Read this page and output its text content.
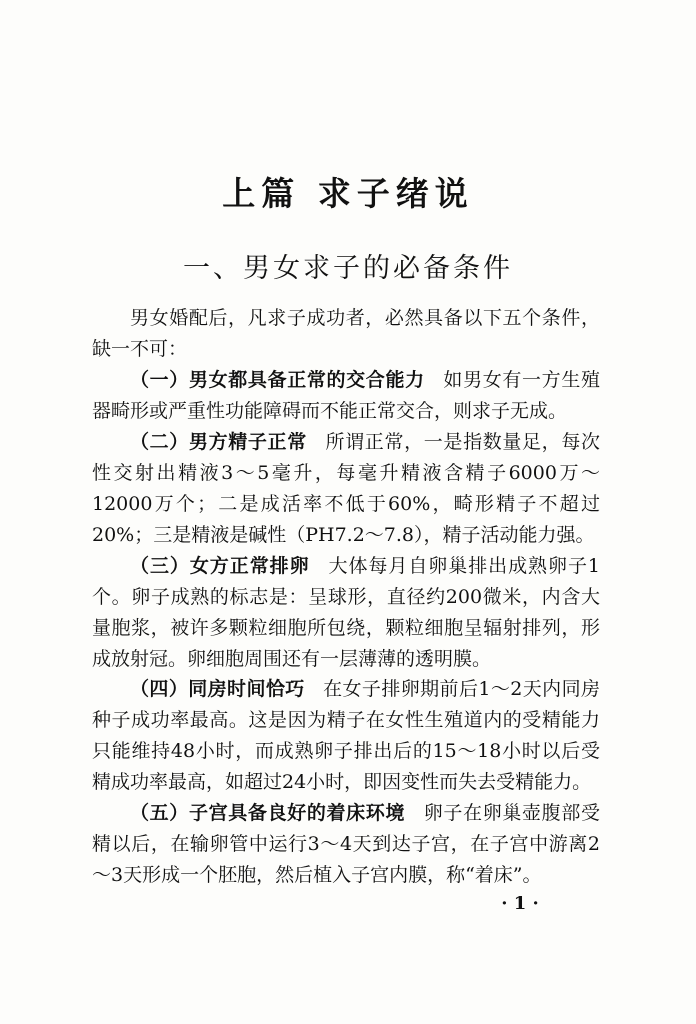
上篇 求子绪说
一、男女求子的必备条件

男女婚配后，凡求子成功者，必然具备以下五个条件，缺一不可：

（一）男女都具备正常的交合能力 如男女有一方生殖器畸形或严重性功能障碍而不能正常交合，则求子无成。

（二）男方精子正常 所谓正常，一是指数量足，每次性交射出精液3～5毫升，每毫升精液含精子6000万～12000万个；二是成活率不低于60%，畸形精子不超过20%；三是精液是碱性（PH7.2～7.8），精子活动能力强。

（三）女方正常排卵 大体每月自卵巢排出成熟卵子1个。卵子成熟的标志是：呈球形，直径约200微米，内含大量胞浆，被许多颗粒细胞所包绕，颗粒细胞呈辐射排列，形成放射冠。卵细胞周围还有一层薄薄的透明膜。

（四）同房时间恰巧 在女子排卵期前后1～2天内同房种子成功率最高。这是因为精子在女性生殖道内的受精能力只能维持48小时，而成熟卵子排出后的15～18小时以后受精成功率最高，如超过24小时，即因变性而失去受精能力。

（五）子宫具备良好的着床环境 卵子在卵巢壶腹部受精以后，在输卵管中运行3～4天到达子宫，在子宫中游离2～3天形成一个胚胞，然后植入子宫内膜，称“着床”。

· 1 ·
